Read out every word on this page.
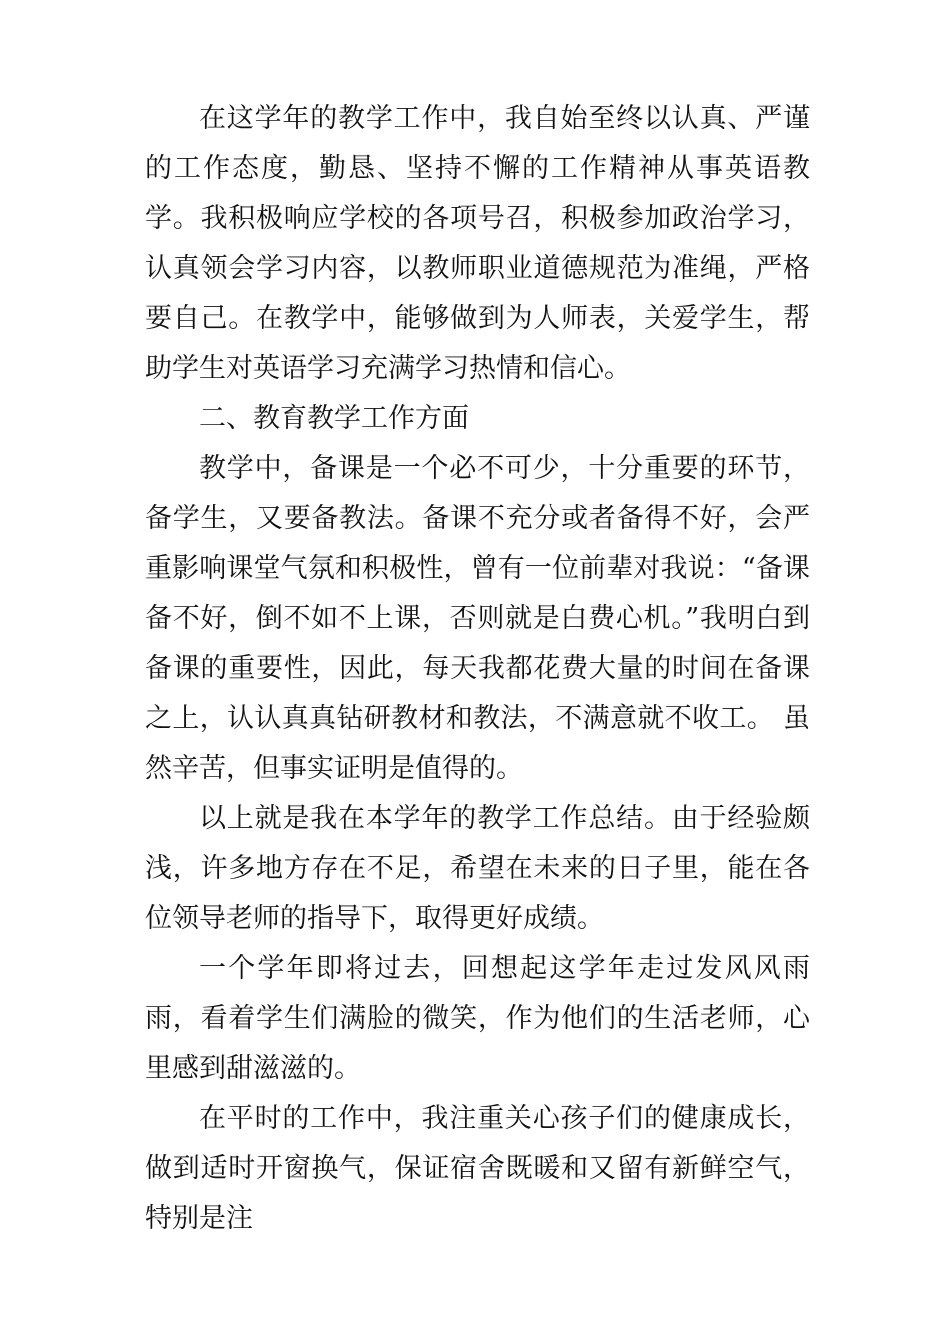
在这学年的教学工作中，我自始至终以认真、严谨的工作态度，勤恳、坚持不懈的工作精神从事英语教学。我积极响应学校的各项号召，积极参加政治学习，认真领会学习内容，以教师职业道德规范为准绳，严格要自己。在教学中，能够做到为人师表，关爱学生，帮助学生对英语学习充满学习热情和信心。

二、教育教学工作方面

教学中，备课是一个必不可少，十分重要的环节，备学生，又要备教法。备课不充分或者备得不好，会严重影响课堂气氛和积极性，曾有一位前辈对我说：“备课 备不好，倒不如不上课，否则就是白费心机。”我明白到备课的重要性，因此，每天我都花费大量的时间在备课之上，认认真真钻研教材和教法，不满意就不收工。 虽然辛苦，但事实证明是值得的。

以上就是我在本学年的教学工作总结。由于经验颇浅，许多地方存在不足，希望在未来的日子里，能在各位领导老师的指导下，取得更好成绩。

一个学年即将过去，回想起这学年走过发风风雨雨，看着学生们满脸的微笑，作为他们的生活老师，心里感到甜滋滋的。

在平时的工作中，我注重关心孩子们的健康成长，做到适时开窗换气，保证宿舍既暖和又留有新鲜空气，特别是注
